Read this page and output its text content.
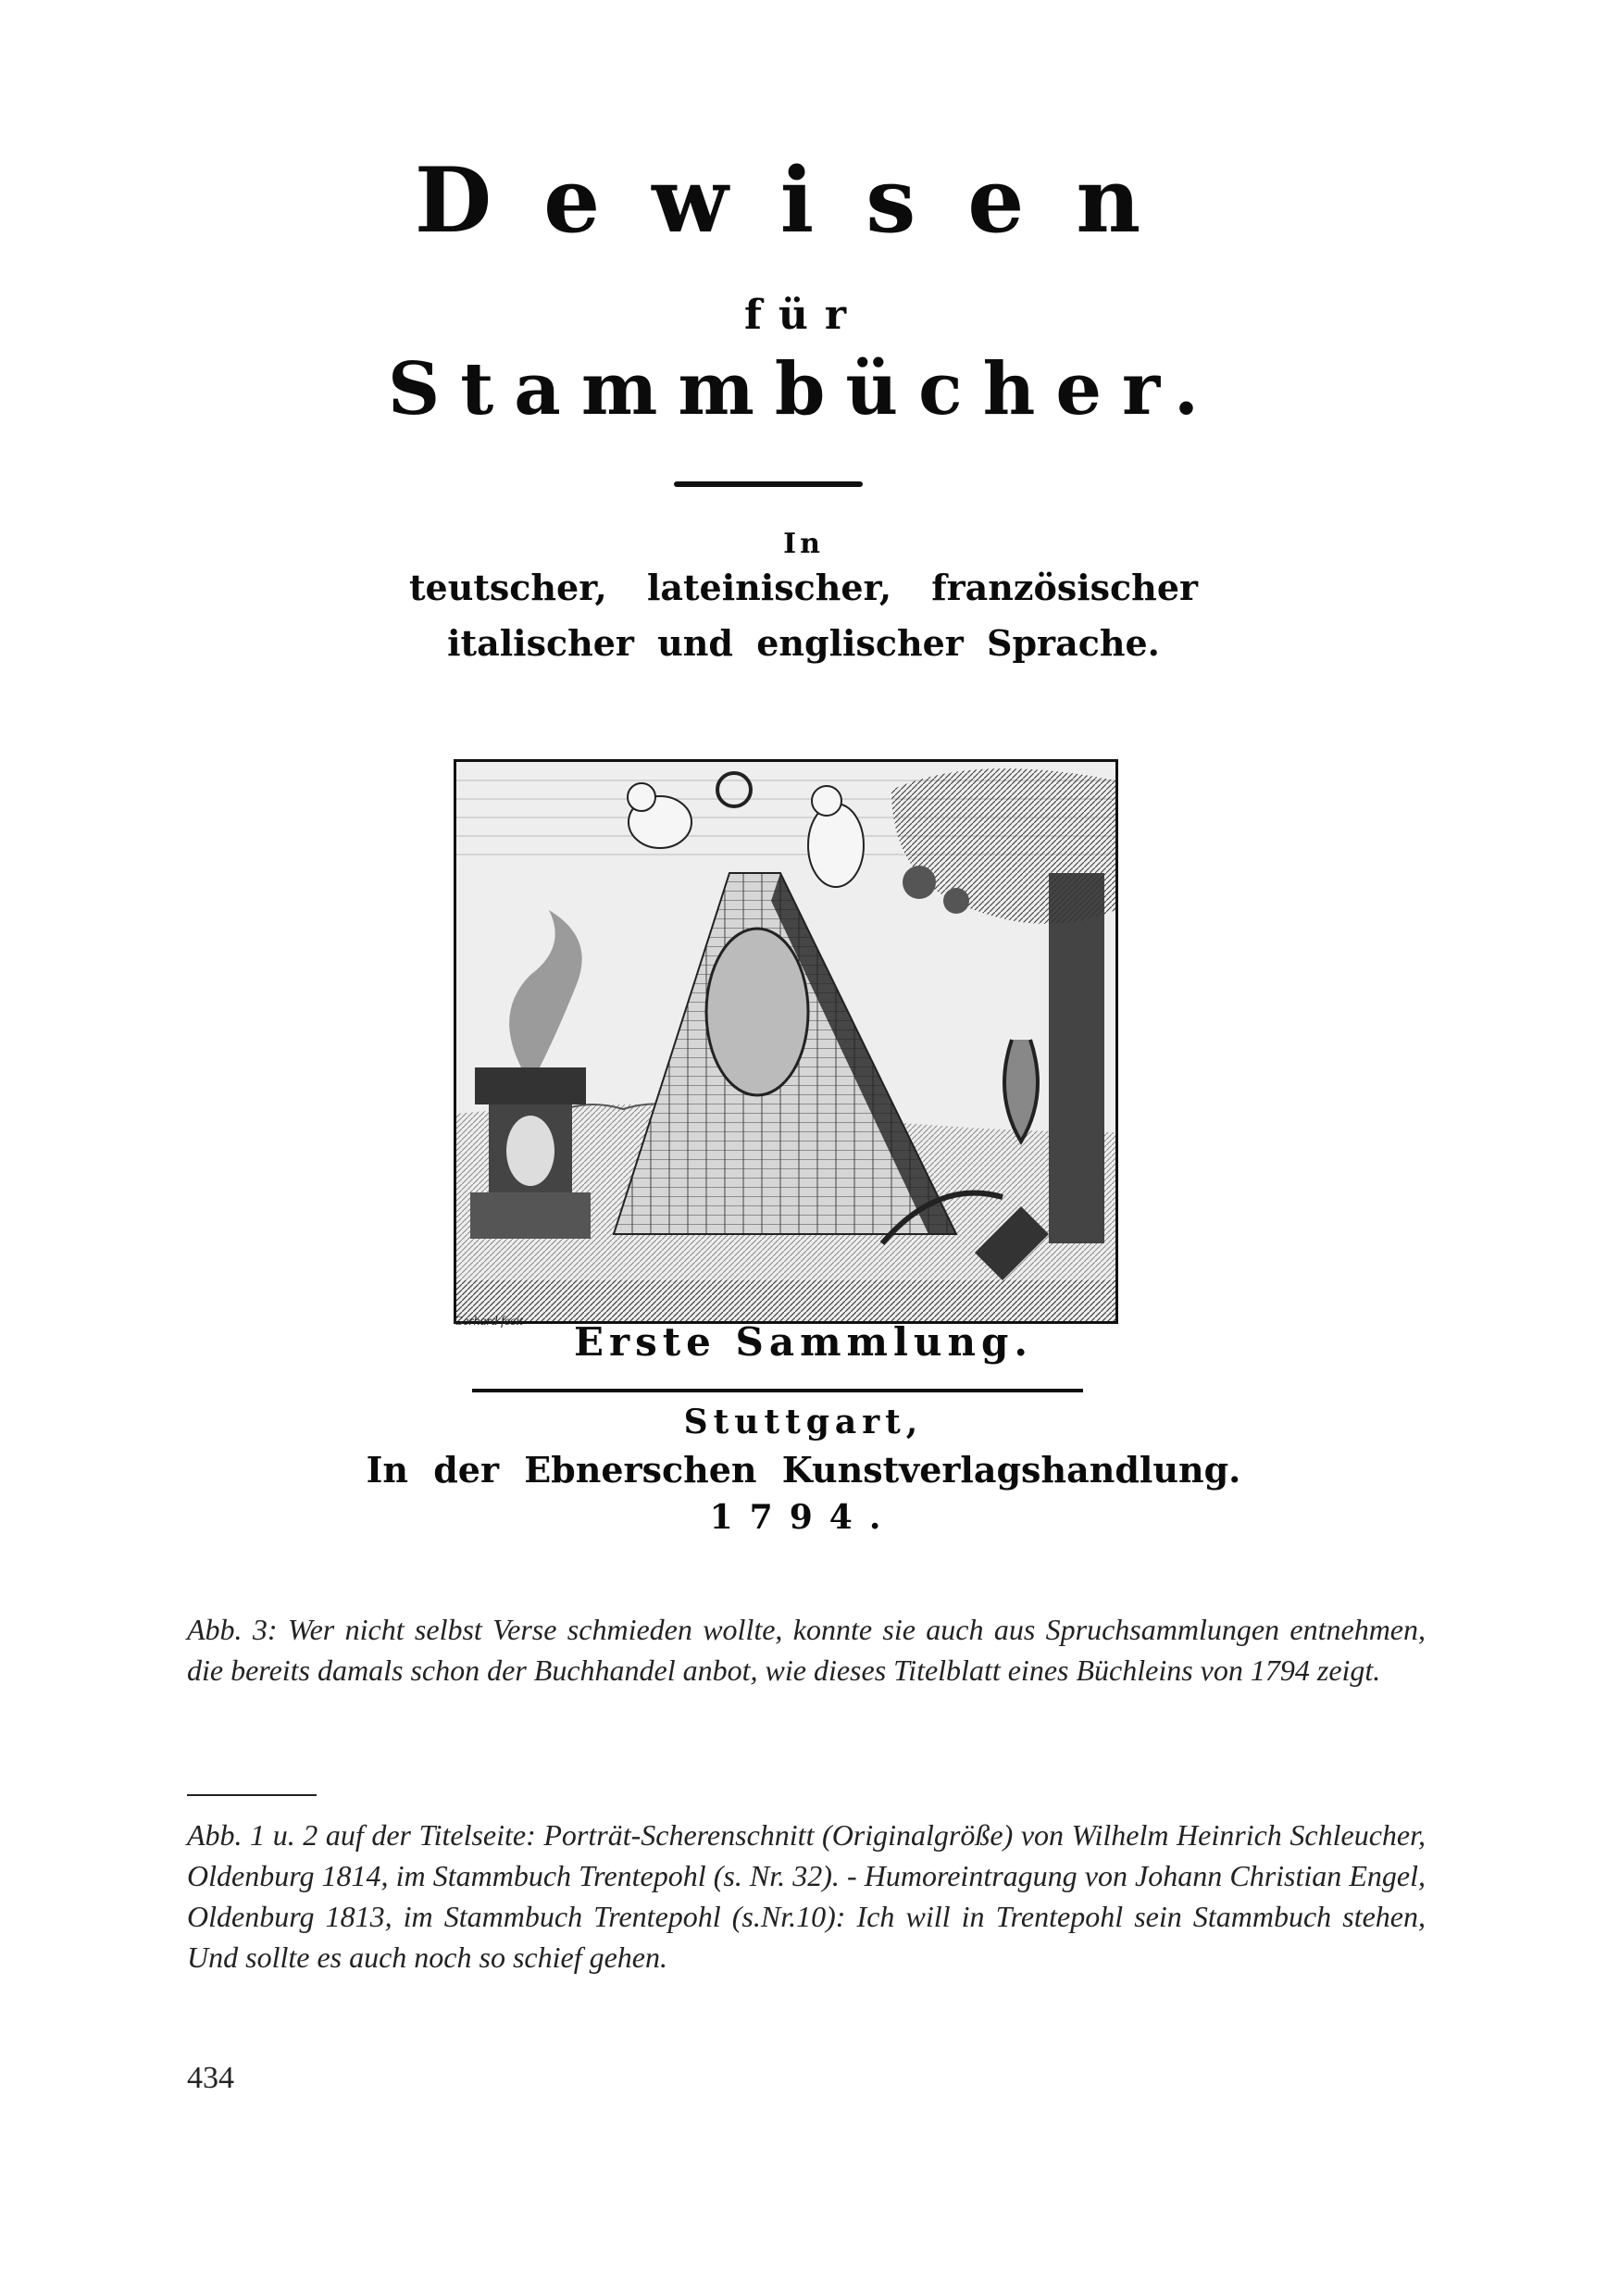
Dewisen
für
Stammbücher.
In
teutscher, lateinischer, französischer
italischer und englischer Sprache.
Gerhard fecit	Erste Sammlung.
Stuttgart,
In der Ebnerschen Kunstverlagshandlung.
1794.
Abb. 3: Wer nicht selbst Verse schmieden wollte, konnte sie auch aus Spruchsammlungen entnehmen, die bereits damals schon der Buchhandel anbot, wie dieses Titelblatt eines Büchleins von 1794 zeigt.
Abb. 1 u. 2 auf der Titelseite: Porträt-Scherenschnitt (Originalgröße) von Wilhelm Heinrich Schleucher, Oldenburg 1814, im Stammbuch Trentepohl (s. Nr. 32). - Humoreintragung von Johann Christian Engel, Oldenburg 1813, im Stammbuch Trentepohl (s.Nr.10): Ich will in Trentepohl sein Stammbuch stehen, Und sollte es auch noch so schief gehen.
434
